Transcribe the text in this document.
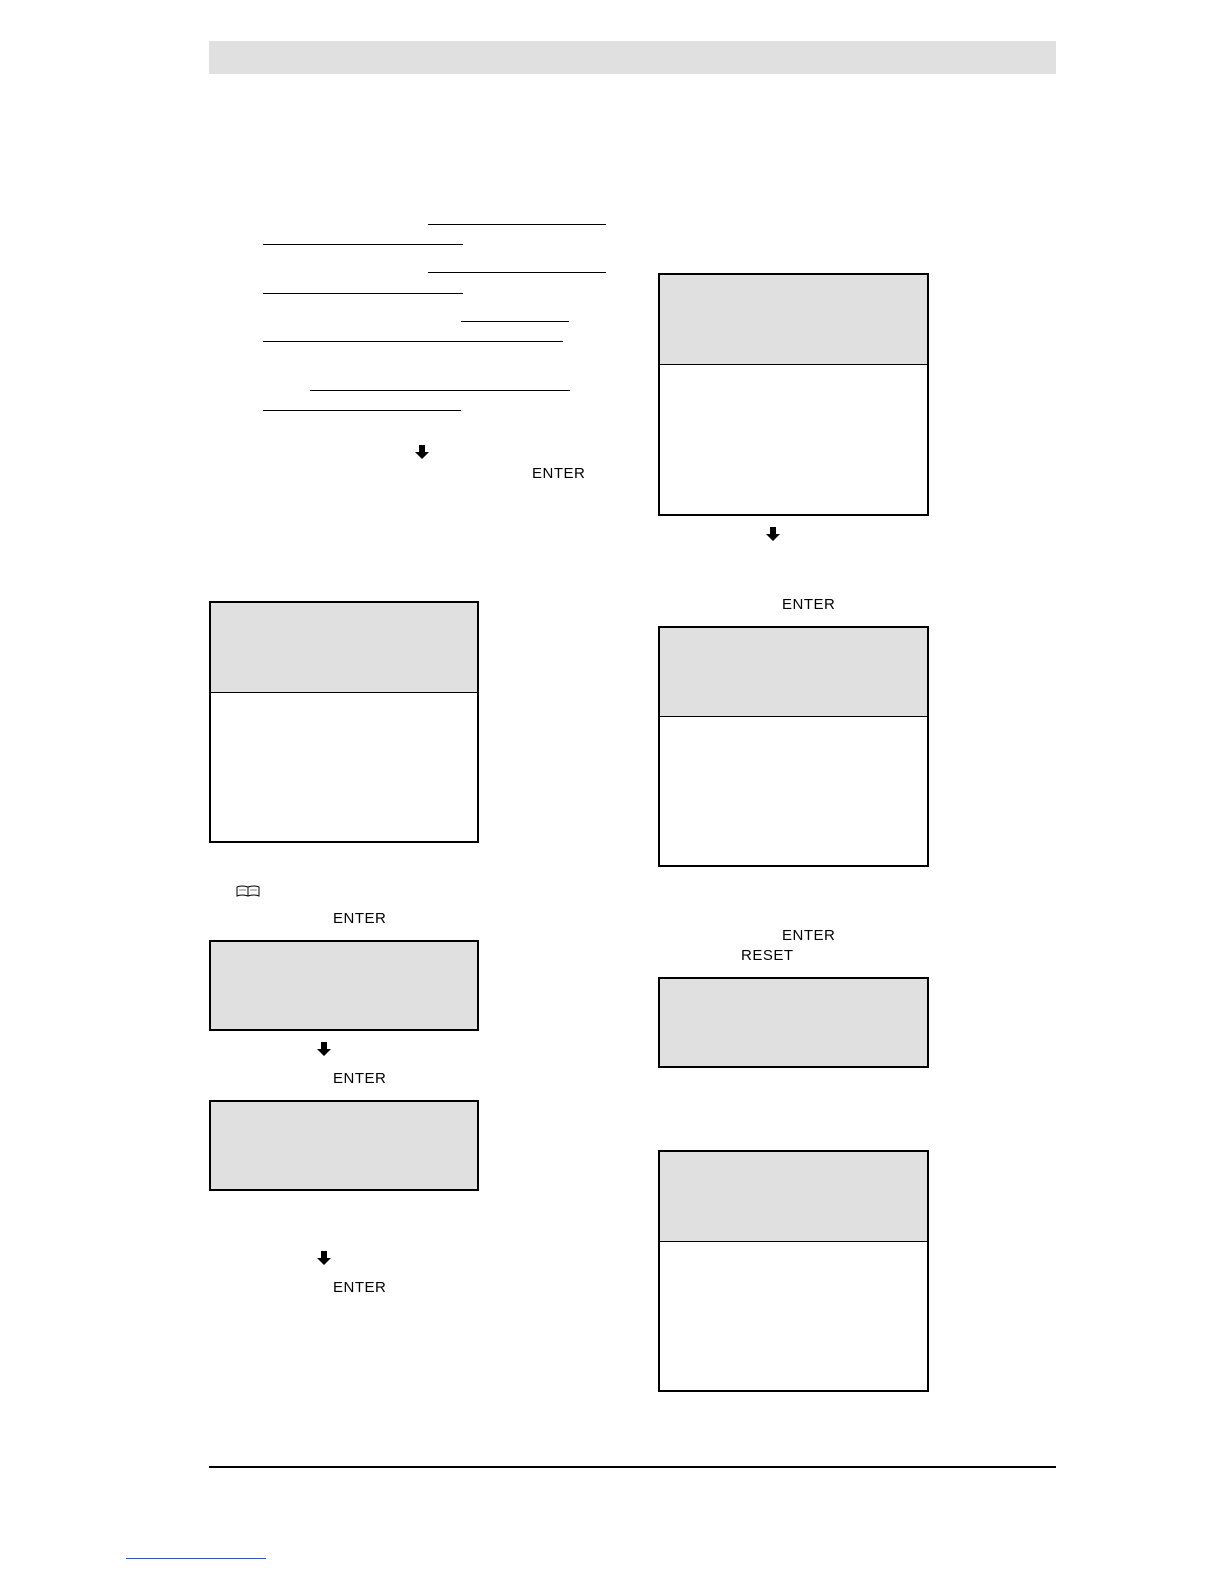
ENTER
ENTER
ENTER
ENTER
ENTER
ENTER
RESET
